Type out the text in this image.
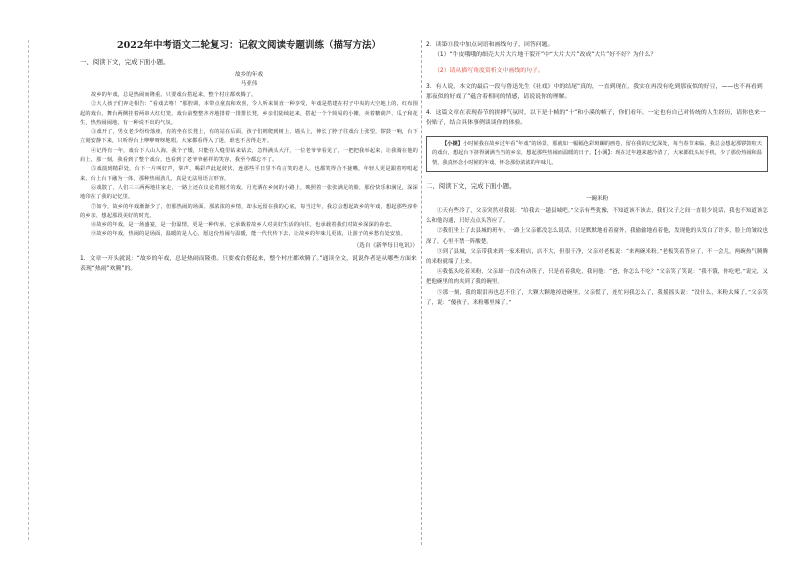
2022年中考语文二轮复习：记叙文阅读专题训练（描写方法）
一、阅读下文，完成下面小题。
故乡的年戏
马亚伟

故乡的年戏，总是热闹而隆重。只要戏台搭起来，整个村庄都欢腾了。

②大人孩子们奔走相告：“看戏去咯！”那腔调，本带点童真和欢喜，令人听来简直一种享受，年戏是搭建在村子中央的大空地上的，红布围起的戏台，舞台两侧挂着两串大红灯笼，戏台前整整齐齐地排着一排排长凳，乡亲们陆续赶来，搭起一个个简易的小摊，卖着糖葫芦、瓜子和花生，热热闹闹地，有一种说不出的气氛。

③戏开了，男女老少纷纷落座，有的坐在长凳上，有的站在后面，孩子们则爬到树上、墙头上，伸长了脖子往戏台上张望，锣鼓一响，台下立刻安静下来，只听得台上咿咿呀呀地唱，大家都看得入了迷，谁也不舍得走开。

④记得有一年，戏台下人山人海，我个子矮，只能在人缝里钻来钻去，急得满头大汗，一位老爷爷看见了，一把把我举起来，让我骑在他的肩上，那一刻，我看到了整个戏台，也看到了老爷爷慈祥的笑容，我至今都忘不了。

⑤戏演到精彩处，台下一片叫好声，掌声、喝彩声此起彼伏，连那些平日里不苟言笑的老人，也都笑得合不拢嘴，年轻人更是跟着哼唱起来，台上台下融为一体，那种热闹劲儿，真是无法用语言形容。

⑥戏散了，人们三三两两地往家走，一路上还在议论着刚才的戏，月光洒在乡间的小路上，映照着一张张满足的脸，那份快乐和满足，深深地印在了我的记忆里。

⑦如今，故乡的年戏渐渐少了，但那热闹的场面、那浓浓的乡情，却永远留在我的心底，每当过年，我总会想起故乡的年戏，想起那些淳朴的乡亲，想起那段美好的时光。

⑧故乡的年戏，是一场盛宴，是一份温情，更是一种传承，它承载着故乡人对美好生活的向往，也承载着我们对故乡深深的眷恋。

⑨故乡的年戏，热闹的是场面，温暖的是人心，愿这份热闹与温暖，能一代代传下去，让故乡的年味儿更浓，让游子的乡愁有处安放。

（选自《新华每日电讯》）

1．文章一开头就说：“故乡的年戏，总是热闹而隆重。只要戏台搭起来，整个村庄都欢腾了。”通读全文，说说作者是从哪些方面来表现“热闹”欢腾”的。

2．读第⑪段中加点词语和画线句子，回答问题。

（1）“牛皮哦哦的细壳大片大片地干裂开”中“大片大片”改成“大片”好不好？为什么？

（2）请从描写角度赏析文中画线的句子。

3．有人说，本文的最后一段与鲁迅先生《社戏》中的结尾“真的，一直到现在，我实在再没有吃到那夜似的好豆，——也不再看到那夜似的好戏了”蕴含着相同的情感，请说说你的理解。

4．这篇文章在表现春节的拼搏气氛时，以下是十帧的“十”和小溪的帧子，你们看年，一定也有自己对传统的人生经历，请你也来一份贴子，结合具体事例谈谈你的体验。

【小提】小时候我在故乡过年看“年戏”的场景，那就如一幅幅色彩斑斓的画卷，留在我的记忆深处，每当春节来临，我总会想起那锣鼓喧天的戏台，想起台下挤得满满当当的乡亲，想起那些热闹而温暖的日子。【小溪】：现在过年越来越冷清了，大家都低头玩手机，少了那份热闹和温情，我真怀念小时候的年戏，怀念那份浓浓的年味儿。

二、阅读下文，完成下面小题。
一碗米粉

①天有些冷了，父亲突然对我说：“给我去一趟县城吧。”父亲有些犹豫，不知道该不该去，我们父子之间一直很少说话，我也不知道该怎么和他沟通，只好点点头答应了。

②我们坐上了去县城的班车，一路上父亲都没怎么说话，只是默默地看着窗外，我偷偷地看着他，发现他的头发白了许多，脸上的皱纹也深了，心里不禁一阵酸楚。

③到了县城，父亲带我来到一家米粉店，店不大，但很干净，父亲对老板说：“来两碗米粉。”老板笑着答应了，不一会儿，两碗热气腾腾的米粉就端了上来。

④我低头吃着米粉，父亲却一直没有动筷子，只是看着我吃，我问他：“爸，你怎么不吃？”父亲笑了笑说：“我不饿，你吃吧。”说完，又把他碗里的肉夹到了我的碗里。

⑤那一刻，我的眼泪再也忍不住了，大颗大颗地掉进碗里，父亲慌了，连忙问我怎么了，我摇摇头说：“没什么，米粉太辣了。”父亲笑了，说：“傻孩子，米粉哪里辣了。”
